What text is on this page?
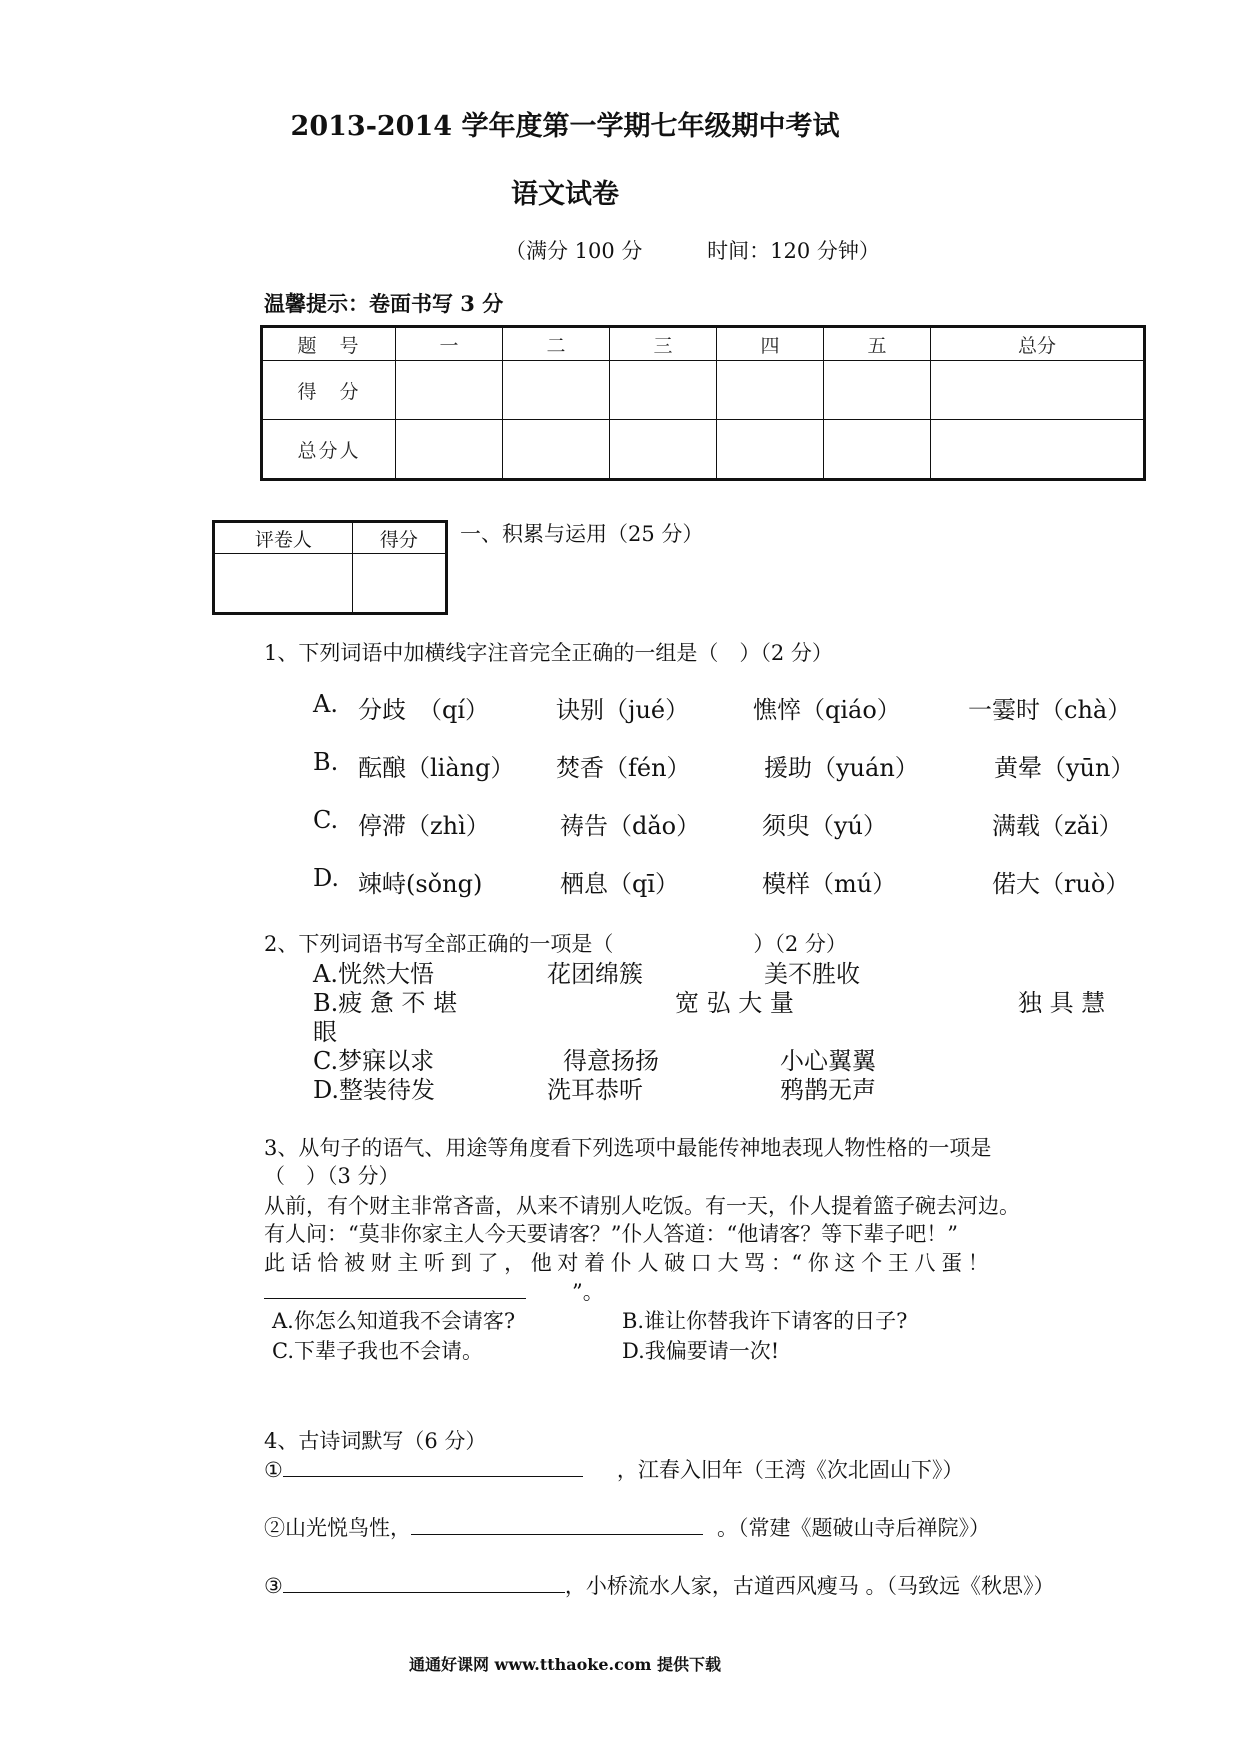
2013-2014 学年度第一学期七年级期中考试
语文试卷
（满分 100 分	时间：120 分钟）
温馨提示：卷面书写 3 分
题　号	一	二	三	四	五	总分
得　分						
总分人						
评卷人	得分
	一、积累与运用（25 分）
1、下列词语中加横线字注音完全正确的一组是（　）（2 分）
A. 分歧　（qí）	诀别（jué）	憔悴（qiáo）	一霎时（chà）
B. 酝酿（liàng） 焚香（fén）	援助（yuán）	黄晕（yūn）
C. 停滞（zhì）	祷告（dǎo）	须臾（yú）	满载（zǎi）
D. 竦峙(sǒng)	栖息（qī）	模样（mú）	偌大（ruò）
2、下列词语书写全部正确的一项是（	）（2 分）
A.恍然大悟	花团绵簇	美不胜收
B.疲 惫 不 堪	宽 弘 大 量	独 具 慧
眼
C.梦寐以求	得意扬扬	小心翼翼
D.整装待发	洗耳恭听	鸦鹊无声
3、从句子的语气、用途等角度看下列选项中最能传神地表现人物性格的一项是
（　）（3 分）
从前，有个财主非常吝啬，从来不请别人吃饭。有一天，仆人提着篮子碗去河边。
有人问：“莫非你家主人今天要请客？”仆人答道：“他请客？等下辈子吧！”
此 话 恰 被 财 主 听 到 了 ， 他 对 着 仆 人 破 口 大 骂 ：“ 你 这 个 王 八 蛋 ！
”。
A.你怎么知道我不会请客?	B.谁让你替我许下请客的日子?
C.下辈子我也不会请。	D.我偏要请一次!
4、古诗词默写（6 分）
①	，江春入旧年（王湾《次北固山下》）
②山光悦鸟性，	。（常建《题破山寺后禅院》）
③	，小桥流水人家，古道西风瘦马 。（马致远《秋思》）
通通好课网 www.tthaoke.com 提供下载
